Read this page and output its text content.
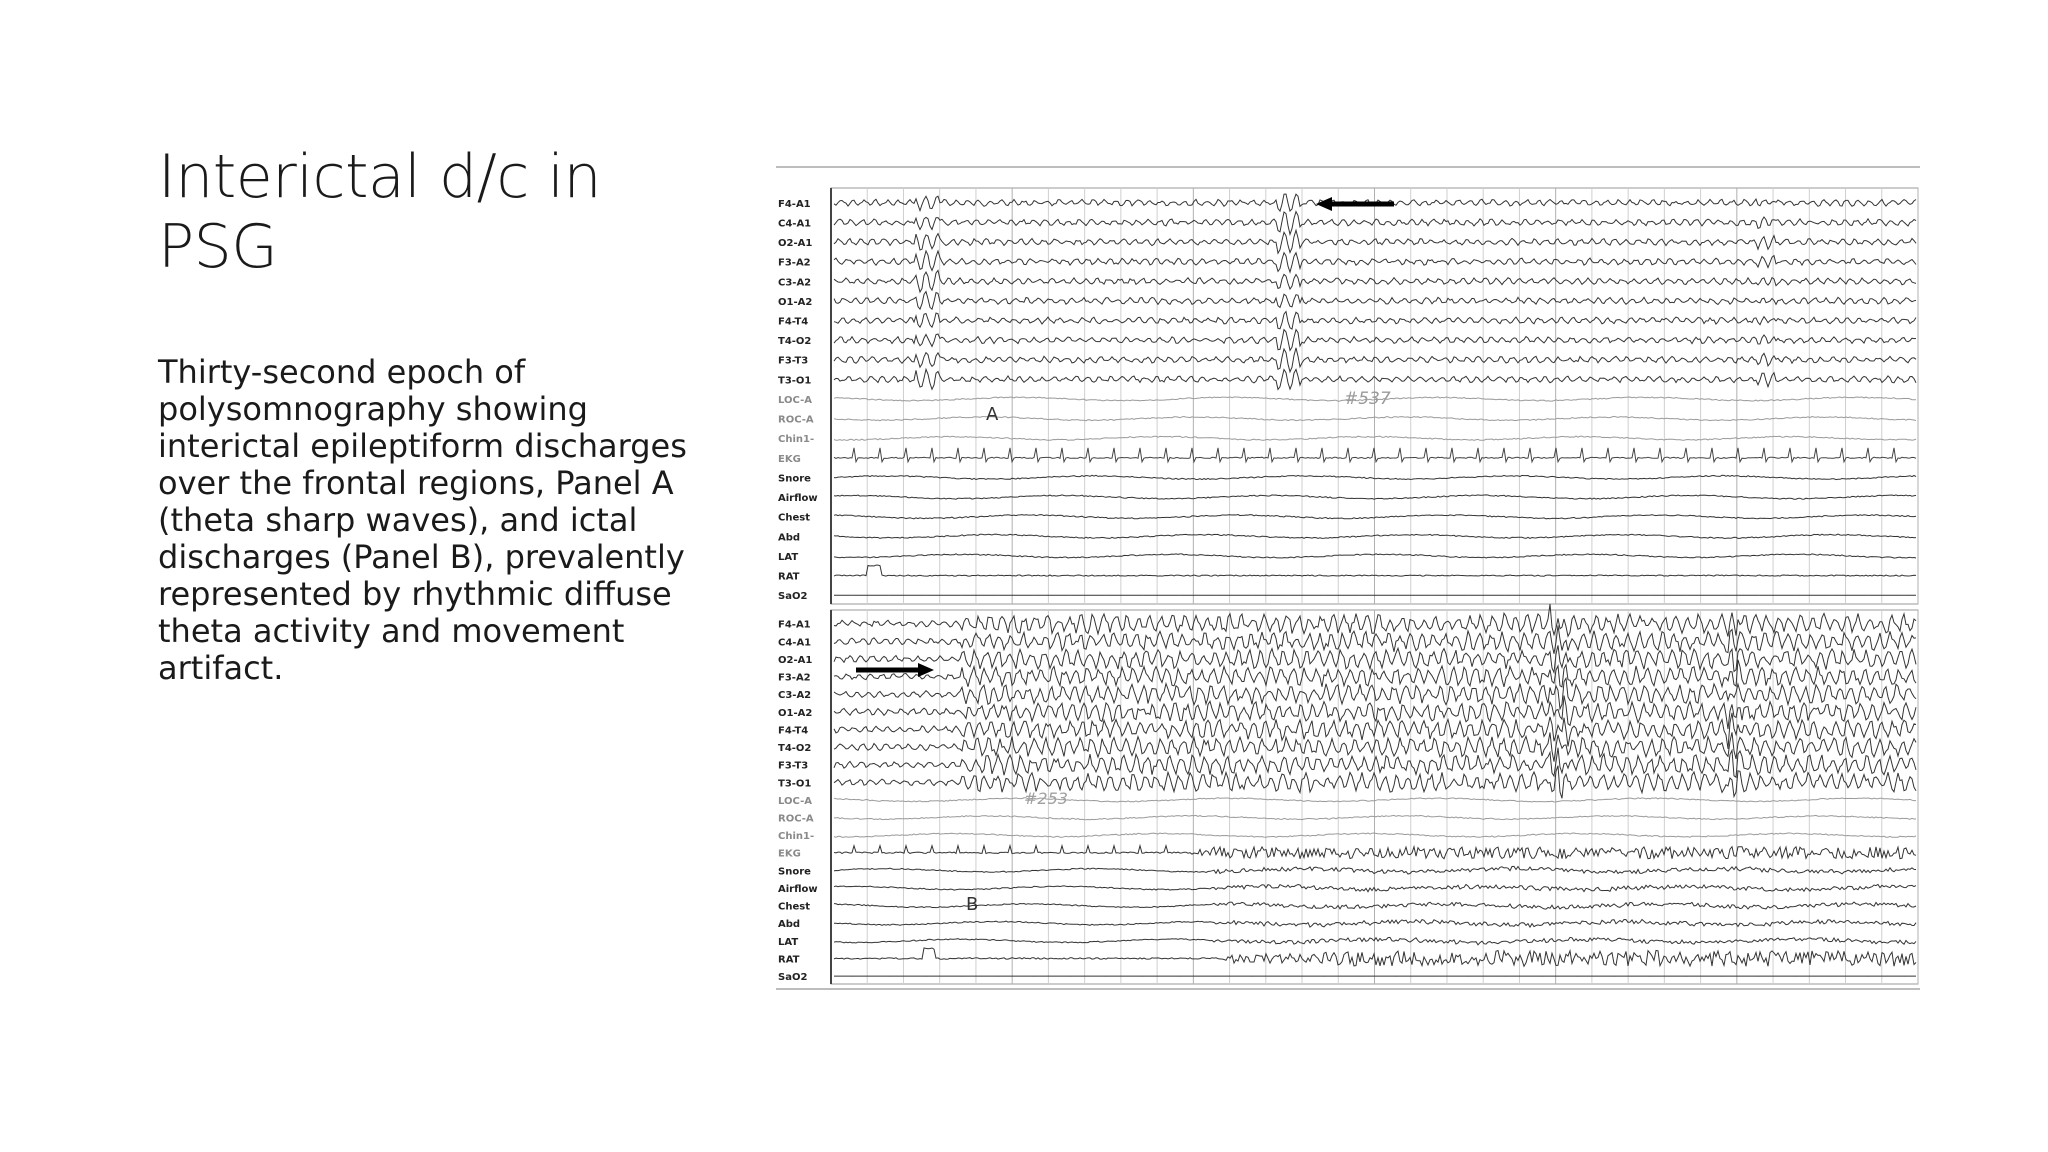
Interictal d/c in PSG

Thirty-second epoch of polysomnography showing interictal epileptiform discharges over the frontal regions, Panel A (theta sharp waves), and ictal discharges (Panel B), prevalently represented by rhythmic diffuse theta activity and movement artifact.

F4-A1
C4-A1
O2-A1
F3-A2
C3-A2
O1-A2
F4-T4
T4-O2
F3-T3
T3-O1
LOC-A
ROC-A
Chin1-
EKG
Snore
Airflow
Chest
Abd
LAT
RAT
SaO2	··	··	··	··	··	··	··	··	··	··	··	··	··	··	··	··	··	··	··	··	··	··	··	··	··	··	··	··	··	··
F4-A1
C4-A1
O2-A1
F3-A2
C3-A2
O1-A2
F4-T4
T4-O2
F3-T3
T3-O1
LOC-A
ROC-A
Chin1-
EKG
Snore
Airflow
Chest
Abd
LAT
RAT
SaO2	··	··	··	··	··	··	··	··	··	··	··	··	··	··	··	··	··	··	··	··	··	··	··	··	··	··	··	··	··	··
A
#537
B
#253
